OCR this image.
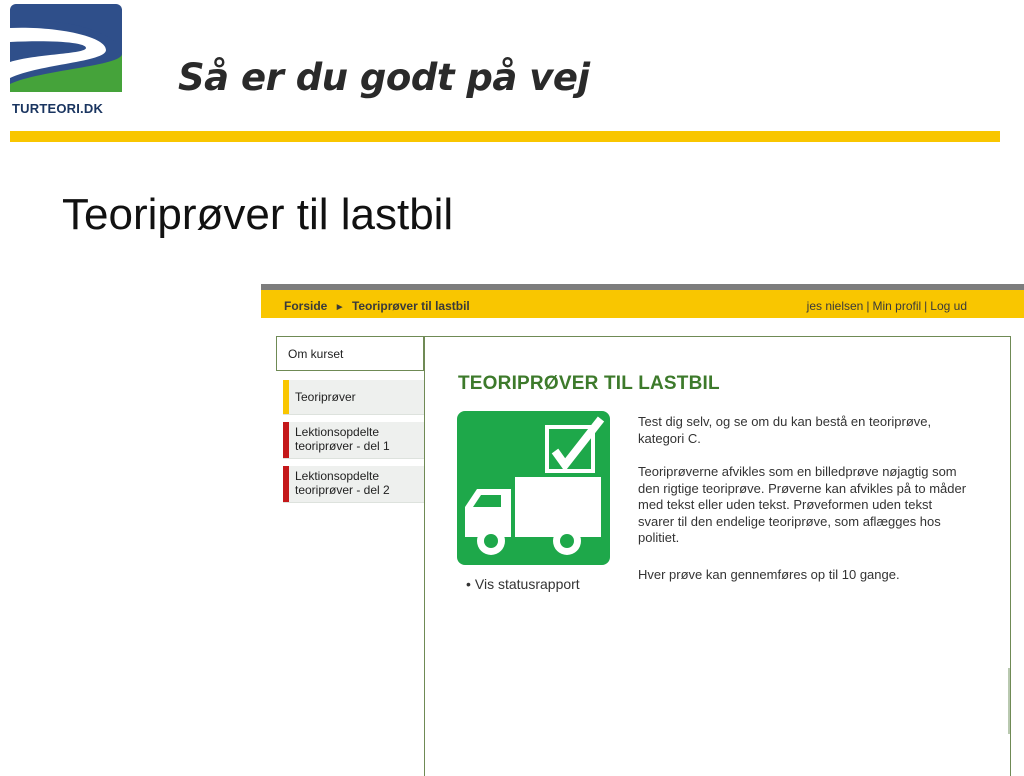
TURTEORI.DK
Så er du godt på vej
Teoriprøver til lastbil
Forside ► Teoriprøver til lastbil	jes nielsen | Min profil | Log ud
Om kurset
Teoriprøver
Lektionsopdelte
teoriprøver - del 1
Lektionsopdelte
teoriprøver - del 2
TEORIPRØVER TIL LASTBIL
• Vis statusrapport
Test dig selv, og se om du kan bestå en teoriprøve,
kategori C.
Teoriprøverne afvikles som en billedprøve nøjagtig som
den rigtige teoriprøve. Prøverne kan afvikles på to måder
med tekst eller uden tekst. Prøveformen uden tekst
svarer til den endelige teoriprøve, som aflægges hos
politiet.
Hver prøve kan gennemføres op til 10 gange.
